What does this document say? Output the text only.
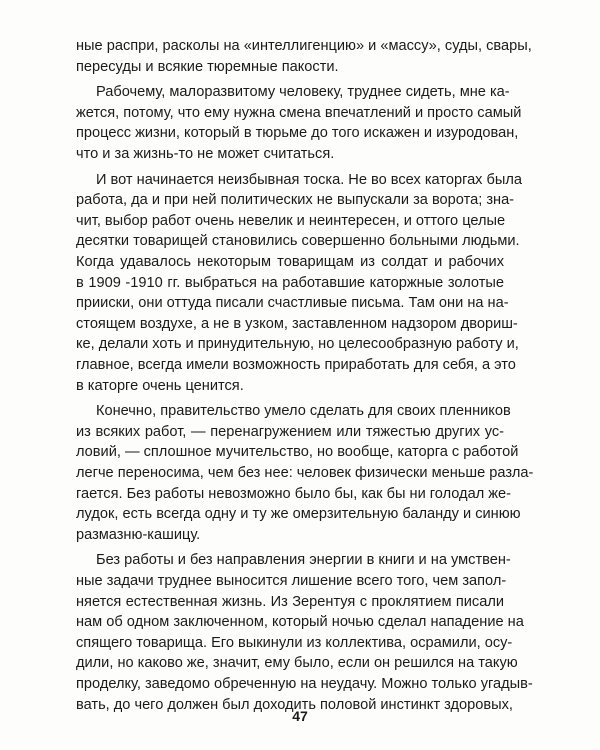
ные распри, расколы на «интеллигенцию» и «массу», суды, свары,
пересуды и всякие тюремные пакости.
Рабочему, малоразвитому человеку, труднее сидеть, мне ка-
жется, потому, что ему нужна смена впечатлений и просто самый
процесс жизни, который в тюрьме до того искажен и изуродован,
что и за жизнь-то не может считаться.
И вот начинается неизбывная тоска. Не во всех каторгах была
работа, да и при ней политических не выпускали за ворота; зна-
чит, выбор работ очень невелик и неинтересен, и оттого целые
десятки товарищей становились совершенно больными людьми.
Когда удавалось некоторым товарищам из солдат и рабочих
в 1909 -1910 гг. выбраться на работавшие каторжные золотые
прииски, они оттуда писали счастливые письма. Там они на на-
стоящем воздухе, а не в узком, заставленном надзором двориш-
ке, делали хоть и принудительную, но целесообразную работу и,
главное, всегда имели возможность приработать для себя, а это
в каторге очень ценится.
Конечно, правительство умело сделать для своих пленников
из всяких работ, — перенагружением или тяжестью других ус-
ловий, — сплошное мучительство, но вообще, каторга с работой
легче переносима, чем без нее: человек физически меньше разла-
гается. Без работы невозможно было бы, как бы ни голодал же-
лудок, есть всегда одну и ту же омерзительную баланду и синюю
размазню-кашицу.
Без работы и без направления энергии в книги и на умствен-
ные задачи труднее выносится лишение всего того, чем запол-
няется естественная жизнь. Из Зерентуя с проклятием писали
нам об одном заключенном, который ночью сделал нападение на
спящего товарища. Его выкинули из коллектива, осрамили, осу-
дили, но каково же, значит, ему было, если он решился на такую
проделку, заведомо обреченную на неудачу. Можно только угадыв-
вать, до чего должен был доходить половой инстинкт здоровых,
47
